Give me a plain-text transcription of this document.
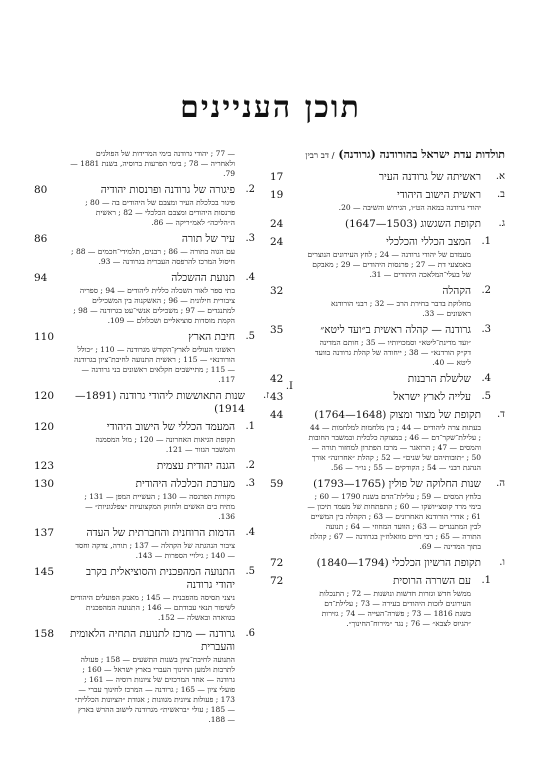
תוכן העניינים
תולדות עדת ישראל בהורודנה (גרודנה) / דב רבין
א.
ראשיתה של גרודנה העיר
17
ב.
ראשית הישוב היהודי
19
יהודי גרודנה במאה הט״ו, הגירוש והשיבה — 20.
ג.
תקופת השגשוג (1503—1647)
24
1.
המצב הכללי והכלכלי
24
מעמדם של יהודי גרודנה — 24 ; לחץ העירונים הנוצרים באמצעי דת — 27 ; פרנסות היהודים — 29 ; מאבקם של בעלי־המלאכה היהודים — 31.
2.
הקהלה
32
מחלוקת בדבר בחירת הרב — 32 ; רבני הורודנא ראשונים — 33.
3.
גרודנה — קהלה ראשית ב״ועד ליטא״
35
״ועד מדינת־ליטא״ וסמכויותיו — 35 ; חותם המדינה דק״ק הורדנא״ — 38 ; ייחודה של קהלת גרודנה בוועד ליטא — 40.
4.
שלשלת הרבנות
42
5.
עלייה לארץ ישראל
43
ד.
תקופת של מצור ומצוק (1648—1764)
44
בעתות צרה ליהודים — 44 ; בין מלחמות למלחמות — 44 ; עלילת־שקר־דם — 46 ; במצוקה כלכלית ובמשבר החובות והמסים — 47 ; הרואגר — מרכז הפתרון למחזור תורה — 50 ; ״תובותיהם של שנים״ — 52 ; קהלת ״אחרונה״ אורך הנהגת רבני — 54 ; הקודקים — 55 ; נו״ר — 56.
ה.
שנות החלוקה של פולין (1765—1793)
59
בלחץ המסים — 59 ; עלילת־הדם בשנת 1790 — 60 ; בימי מרד קוסצ׳יושקו — 60 ; התפתחות של מעמד תיכון — 61 ; אדרי הורודנא האחרונים — 63 ; הקהלה בין המשיים לבין המתנגדים — 63 ; הוועד המחוזי — 64 ; תנועה התורה — 65 ; רבי חיים מוואלוז׳ין בגרודנה — 67 ; קהלת בתוך המדינה — 69.
ו.
תקופת הרשיון הכלכלי (1794—1840)
72
1.
עם השררה הרוסית
72
ממשל חדש וגזרות חדשות ונושנות — 72 ; התנכלות העירונים לזכות היהודים בעירה — 73 ; עלילת־דם בשנת 1816 — 73 ; פשרה־העייה — 74 ; גזירות ״הגיוס לצבא״ — 76 ; נגד ״מירוח־החינוך״.
I.
— 77 ; יהודי גרודנה בימי המרידות של הפולנים ולאחריה — 78 ; בימי הפרעות ברוסיה, בשנת 1881 — 79.
2.
פיגורה של גרודנה ופרנסות יהודיה
80
פיגור בכלכלת העיר ומצבם של היהודים בה — 80 ; פרנסות היהודים ומצבם הכלכלי — 82 ; ראשית ה״הליכה״ לאמ״ריקה — 86.
3.
עיר של תורה
86
עם הגוה בתורה — 86 ; רבנים, תלמידי־חכמים — 88 ; חיסול המרכז להרפסה העברית בגרודנה — 93.
4.
תנועת ההשכלה
94
בתי ספר לאור השכלה כללית ליהודים — 94 ; ספריה ציבורית חילונית — 96 ; האשקנוה בין המשכילים למתנגדים — 97 ; משכילים אנשי־עט בגרודנה — 98 ; הקמת מוסדות סוציאליים ושכלולם — 109.
5.
חיבת הארץ
110
ראשוני העולים לארץ־הקודש מגרודנה — 110 ; ״כולל הורודנא״ — 115 ; ראשית התנועה לחיבת־ציון בגרודנה — 115 ; מתיישבים חקלאים ראשונים בני גרודנה — 117.
ז.
שנות התאוששות ליהודי גרודנה (1891—1914)
120
1.
המעמד הכללי של הישוב היהודי
120
תקופת הגיאות האחרונה — 120 ; מול המסמנה והמשבר הגזור — 121.
2.
הגנה יהודית עצמית
123
3.
מערכת הכלכלה היהודית
130
מקורות הפרנסה — 130 ; העשיית המפן — 131 ; מתיח בים האשים ולחזוק המקצועיות ״צפלגוניות״ — 136.
4.
הדמות הרוחנית והחברתית של העדה
137
ציבור הנהגתה של הקהלה — 137 ; תורה, צדקה וחסד — 140 ; גילויי הספרות — 143.
5.
התנועה המהפכנית והסוציאלית בקרב יהודי גרודנה
145
ניצני תסיסה מהפכנית — 145 ; מאבק הפועלים היהודים לשיפור תנאי עבודתם — 146 ; התנועה המהפכנית בגווארה ובאשלה — 152.
6.
גרודנה — מרכז לתנועת התחיה הלאומית והעברית
158
התנועה לחיבת־ציון בשנות התשעים — 158 ; פעולה לתרבות ולמען החינוך העברי בארץ ישראל — 160 ; גרודנה — אחד המרכזים של ציונות רוסיה — 161 ; פועלי ציון — 165 ; גרודנה — המרכז לחינוך עברי — 173 ; פעולות ציונית מגוונות ; אגודת ״הציונות הכללית״ — 185 ; עולי ״בראשית״ מגרודנה לישוב ההרש בארץ — 188.
